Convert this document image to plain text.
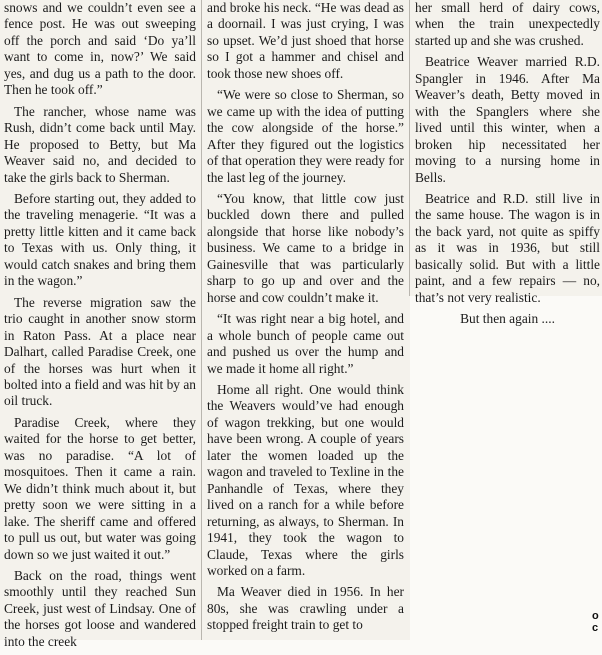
snows and we couldn’t even see a fence post. He was out sweeping off the porch and said ‘Do ya’ll want to come in, now?’ We said yes, and dug us a path to the door. Then he took off.”

The rancher, whose name was Rush, didn’t come back until May. He proposed to Betty, but Ma Weaver said no, and decided to take the girls back to Sherman.

Before starting out, they added to the traveling menagerie. “It was a pretty little kitten and it came back to Texas with us. Only thing, it would catch snakes and bring them in the wagon.”

The reverse migration saw the trio caught in another snow storm in Raton Pass. At a place near Dalhart, called Paradise Creek, one of the horses was hurt when it bolted into a field and was hit by an oil truck.

Paradise Creek, where they waited for the horse to get better, was no paradise. “A lot of mosquitoes. Then it came a rain. We didn’t think much about it, but pretty soon we were sitting in a lake. The sheriff came and offered to pull us out, but water was going down so we just waited it out.”

Back on the road, things went smoothly until they reached Sun Creek, just west of Lindsay. One of the horses got loose and wandered into the creek

and broke his neck. “He was dead as a doornail. I was just crying, I was so upset. We’d just shoed that horse so I got a hammer and chisel and took those new shoes off.

“We were so close to Sherman, so we came up with the idea of putting the cow alongside of the horse.” After they figured out the logistics of that operation they were ready for the last leg of the journey.

“You know, that little cow just buckled down there and pulled alongside that horse like nobody’s business. We came to a bridge in Gainesville that was particularly sharp to go up and over and the horse and cow couldn’t make it.

“It was right near a big hotel, and a whole bunch of people came out and pushed us over the hump and we made it home all right.”

Home all right. One would think the Weavers would’ve had enough of wagon trekking, but one would have been wrong. A couple of years later the women loaded up the wagon and traveled to Texline in the Panhandle of Texas, where they lived on a ranch for a while before returning, as always, to Sherman. In 1941, they took the wagon to Claude, Texas where the girls worked on a farm.

Ma Weaver died in 1956. In her 80s, she was crawling under a stopped freight train to get to

her small herd of dairy cows, when the train unexpectedly started up and she was crushed.

Beatrice Weaver married R.D. Spangler in 1946. After Ma Weaver’s death, Betty moved in with the Spanglers where she lived until this winter, when a broken hip necessitated her moving to a nursing home in Bells.

Beatrice and R.D. still live in the same house. The wagon is in the back yard, not quite as spiffy as it was in 1936, but still basically solid. But with a little paint, and a few repairs — no, that’s not very realistic.

But then again ....

o
c
